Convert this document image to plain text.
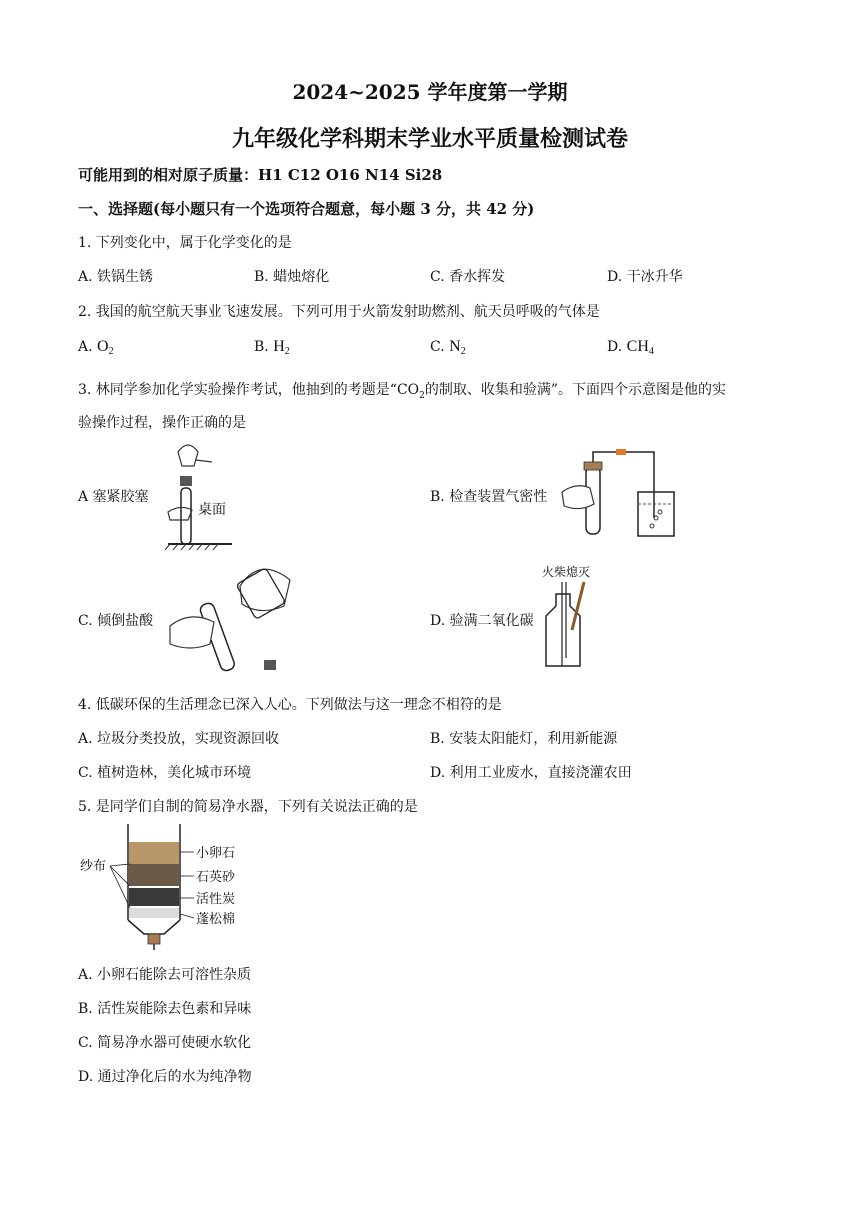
2024~2025 学年度第一学期
九年级化学科期末学业水平质量检测试卷
可能用到的相对原子质量：H1 C12 O16 N14 Si28
一、选择题(每小题只有一个选项符合题意，每小题 3 分，共 42 分)
1. 下列变化中，属于化学变化的是
A. 铁锅生锈	B. 蜡烛熔化	C. 香水挥发	D. 干冰升华
2. 我国的航空航天事业飞速发展。下列可用于火箭发射助燃剂、航天员呼吸的气体是
A. $O_2$	B. $H_2$	C. $N_2$	D. $CH_4$
3. 林同学参加化学实验操作考试，他抽到的考题是“$CO_2$的制取、收集和验满”。下面四个示意图是他的实
验操作过程，操作正确的是
A 塞紧胶塞
桌面
B. 检查装置气密性
C. 倾倒盐酸	D. 验满二氧化碳
火柴熄灭
4. 低碳环保的生活理念已深入人心。下列做法与这一理念不相符的是
A. 垃圾分类投放，实现资源回收	B. 安装太阳能灯，利用新能源
C. 植树造林，美化城市环境	D. 利用工业废水，直接浇灌农田
5. 是同学们自制的简易净水器，下列有关说法正确的是
纱布
小卵石
石英砂
活性炭
蓬松棉
A. 小卵石能除去可溶性杂质
B. 活性炭能除去色素和异味
C. 简易净水器可使硬水软化
D. 通过净化后的水为纯净物
